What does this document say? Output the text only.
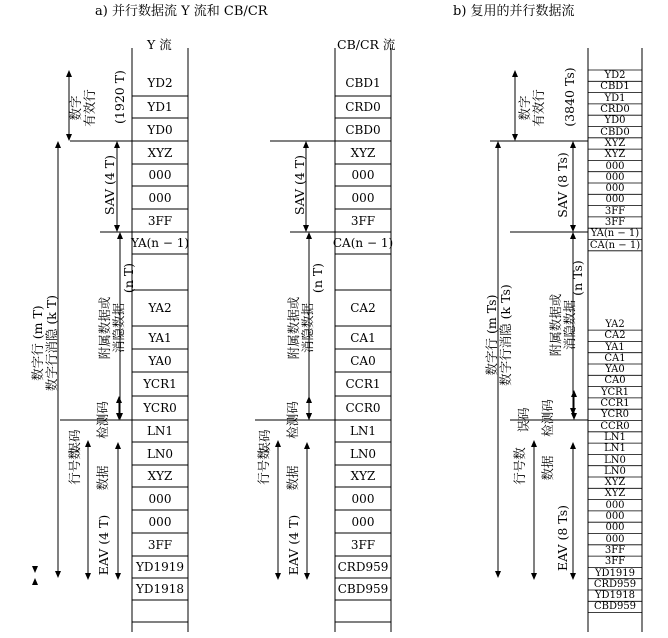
a) 并行数据流 Y 流和 CB/CR	b) 复用的并行数据流
Y 流	CB/CR 流
YD2
YD1
YD0
XYZ
000
000
3FF
YA(n − 1)
YA2
YA1
YA0
YCR1
YCR0
LN1
LN0
XYZ
000
000
3FF
YD1919
YD1918
CBD1
CRD0
CBD0
XYZ
000
000
3FF
CA(n − 1)
CA2
CA1
CA0
CCR1
CCR0
LN1
LN0
XYZ
000
000
3FF
CRD959
CBD959
YD2
CBD1
YD1
CRD0
YD0
CBD0
XYZ
XYZ
000
000
000
000
3FF
3FF
YA(n − 1)
CA(n − 1)
YA2
CA2
YA1
CA1
YA0
CA0
YCR1
CCR1
YCR0
CCR0
LN1
LN1
LN0
LN0
XYZ
XYZ
000
000
000
000
3FF
3FF
YD1919
CRD959
YD1918
CBD959
数字 有效行 (1920 T)
SAV (4 T)
附属数据或 消隐数据
(n T)
数字行 (m T) 数字行消隐 (k T)
误码
检测码
行号数 数据
EAV (4 T)
SAV (4 T)
附属数据或 消隐数据
(n T)
误码
检测码
行号数 数据
EAV (4 T)
数字 有效行 (3840 Ts)
SAV (8 Ts)
附属数据或 消隐数据
(n Ts)
数字行 (m Ts) 数字行消隐 (k Ts)
误码 检测码
行号数 数据
EAV (8 Ts)
